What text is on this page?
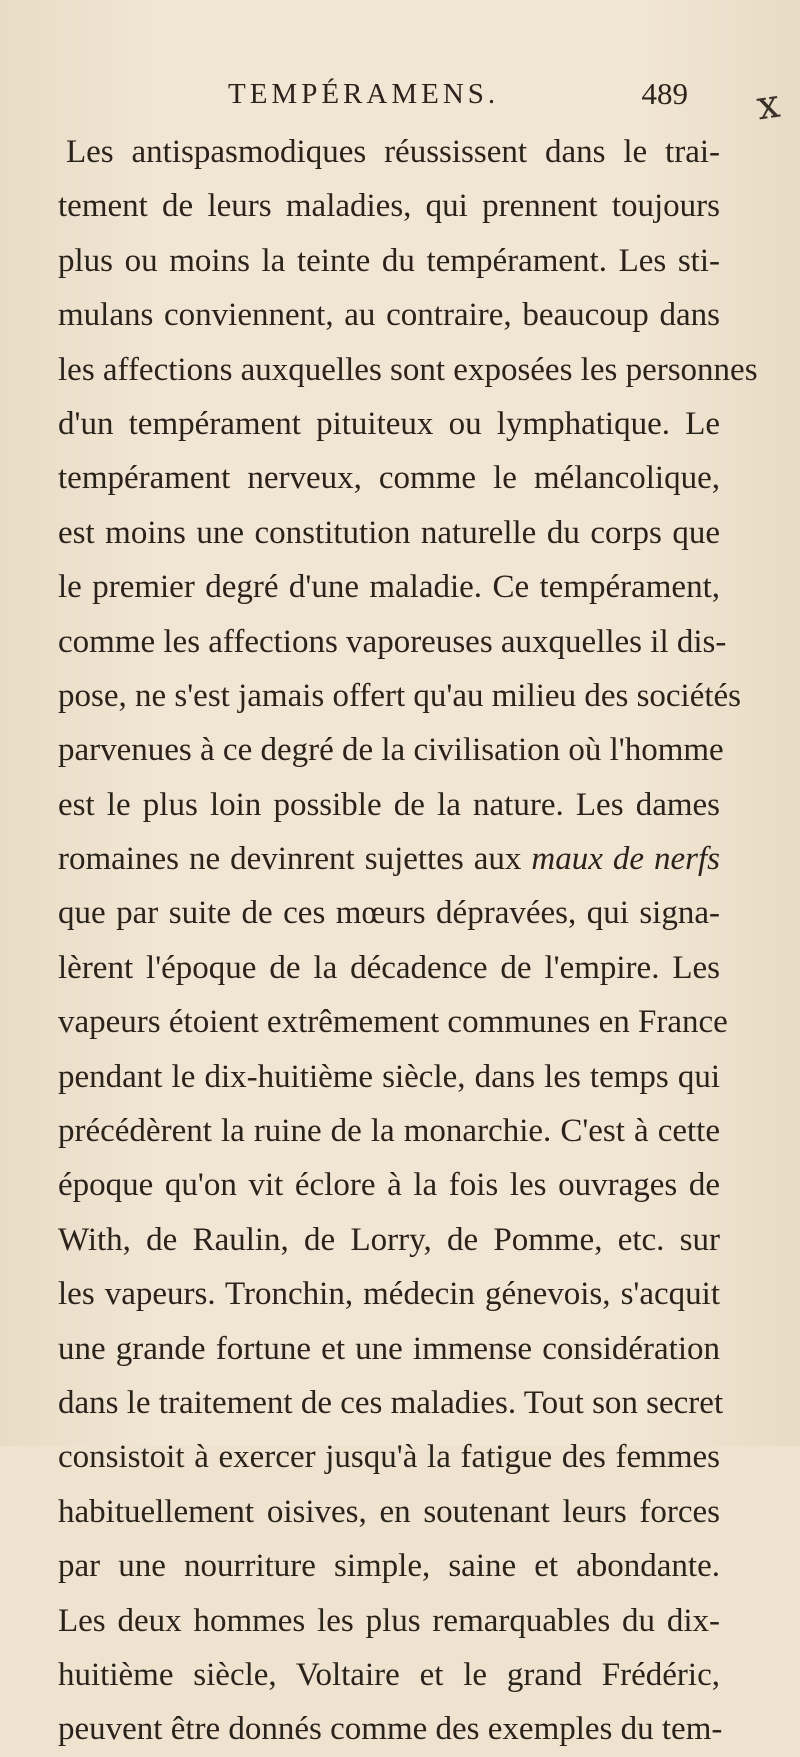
TEMPÉRAMENS.	489 x
Les antispasmodiques réussissent dans le trai-
tement de leurs maladies, qui prennent toujours
plus ou moins la teinte du tempérament. Les sti-
mulans conviennent, au contraire, beaucoup dans
les affections auxquelles sont exposées les personnes
d'un tempérament pituiteux ou lymphatique. Le
tempérament nerveux, comme le mélancolique,
est moins une constitution naturelle du corps que
le premier degré d'une maladie. Ce tempérament,
comme les affections vaporeuses auxquelles il dis-
pose, ne s'est jamais offert qu'au milieu des sociétés
parvenues à ce degré de la civilisation où l'homme
est le plus loin possible de la nature. Les dames
romaines ne devinrent sujettes aux maux de nerfs
que par suite de ces mœurs dépravées, qui signa-
lèrent l'époque de la décadence de l'empire. Les
vapeurs étoient extrêmement communes en France
pendant le dix-huitième siècle, dans les temps qui
précédèrent la ruine de la monarchie. C'est à cette
époque qu'on vit éclore à la fois les ouvrages de
With, de Raulin, de Lorry, de Pomme, etc. sur
les vapeurs. Tronchin, médecin génevois, s'acquit
une grande fortune et une immense considération
dans le traitement de ces maladies. Tout son secret
consistoit à exercer jusqu'à la fatigue des femmes
habituellement oisives, en soutenant leurs forces
par une nourriture simple, saine et abondante.
Les deux hommes les plus remarquables du dix-
huitième siècle, Voltaire et le grand Frédéric,
peuvent être donnés comme des exemples du tem-
